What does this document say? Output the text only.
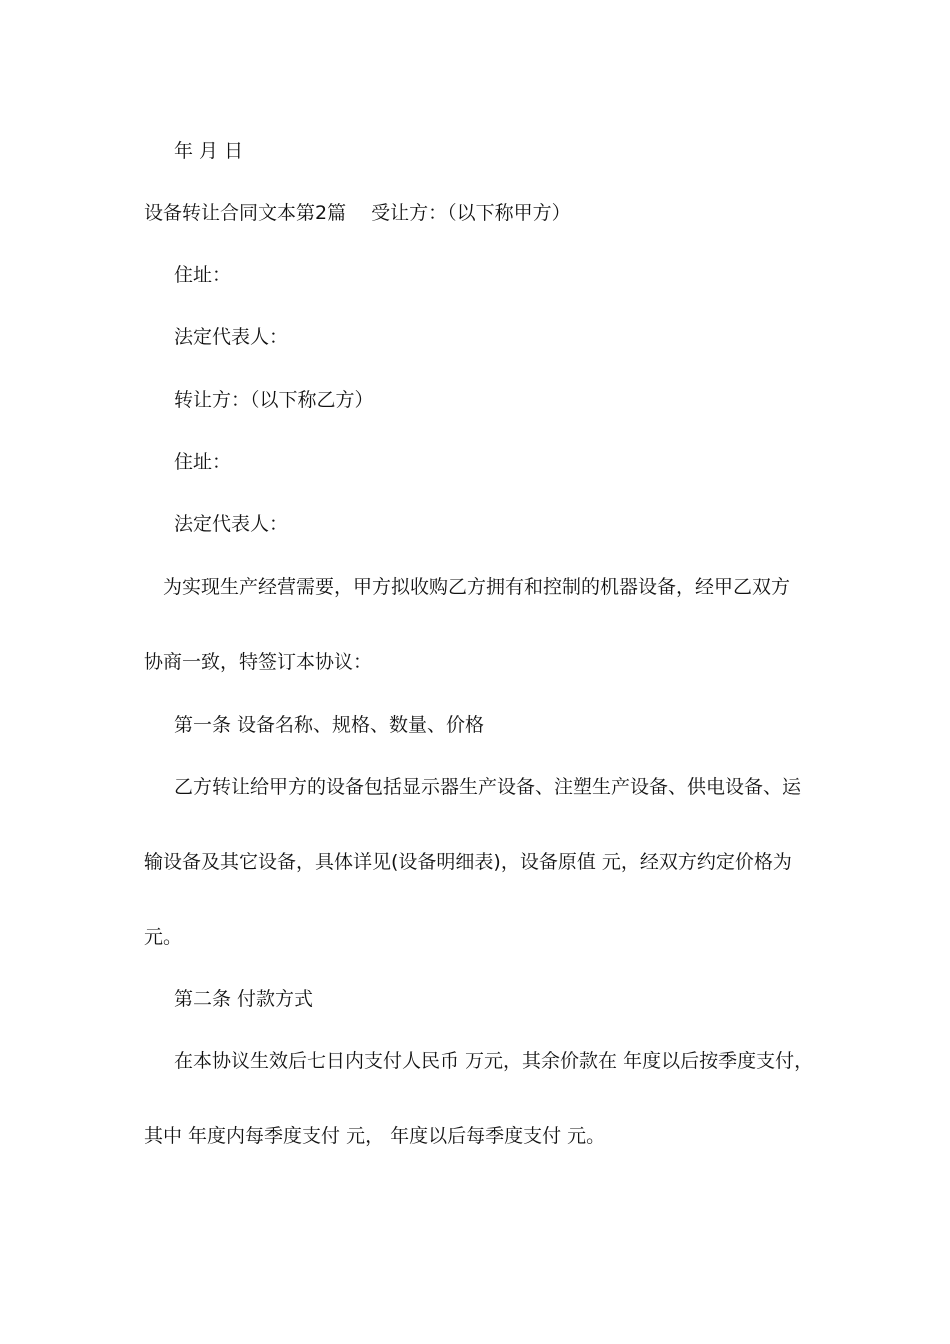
年 月 日
设备转让合同文本第2篇　 受让方：（以下称甲方）
住址：
法定代表人：
转让方：（以下称乙方）
住址：
法定代表人：
为实现生产经营需要，甲方拟收购乙方拥有和控制的机器设备，经甲乙双方
协商一致，特签订本协议：
第一条 设备名称、规格、数量、价格
乙方转让给甲方的设备包括显示器生产设备、注塑生产设备、供电设备、运
输设备及其它设备，具体详见(设备明细表)，设备原值 元，经双方约定价格为
元。
第二条 付款方式
在本协议生效后七日内支付人民币 万元，其余价款在 年度以后按季度支付，
其中 年度内每季度支付 元， 年度以后每季度支付 元。
